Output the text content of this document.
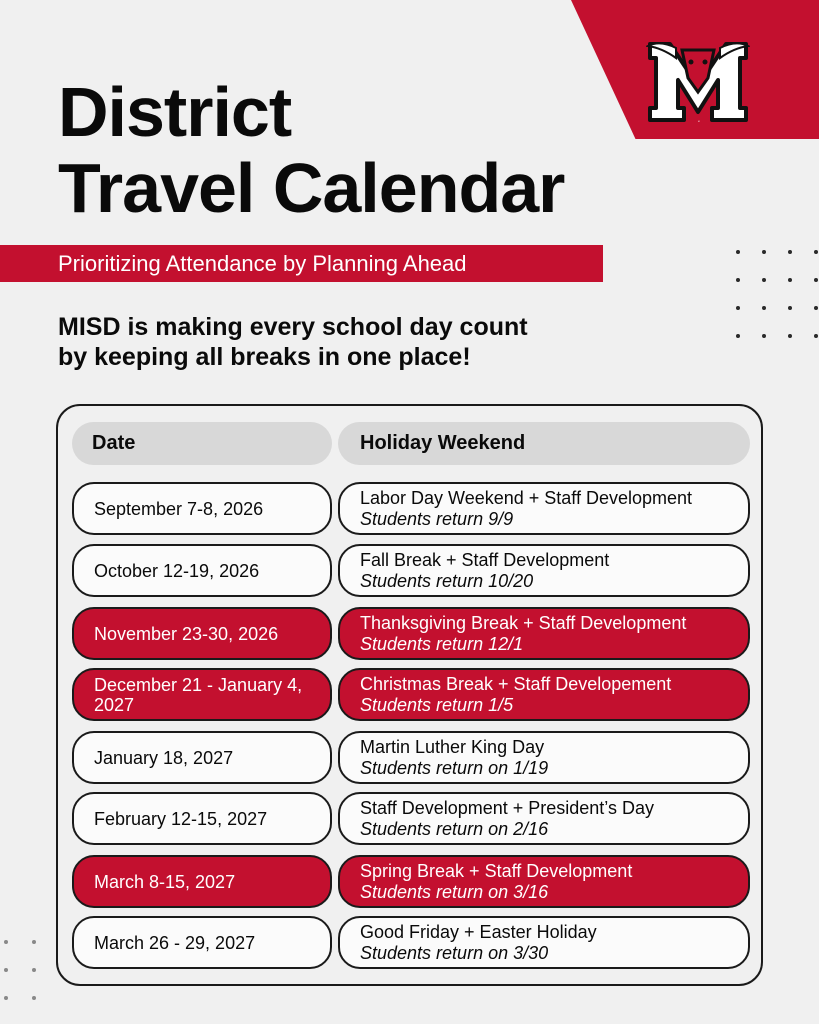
M
District
Travel Calendar
Prioritizing Attendance by Planning Ahead

MISD is making every school day count
by keeping all breaks in one place!

Date	Holiday Weekend
September 7-8, 2026
Labor Day Weekend + Staff Development
Students return 9/9
October 12-19, 2026
Fall Break + Staff Development
Students return 10/20
November 23-30, 2026
Thanksgiving Break + Staff Development
Students return 12/1
December 21 - January 4, 2027
Christmas Break + Staff Developement
Students return 1/5
January 18, 2027
Martin Luther King Day
Students return on 1/19
February 12-15, 2027
Staff Development + President’s Day
Students return on 2/16
March 8-15, 2027
Spring Break + Staff Development
Students return on 3/16
March 26 - 29, 2027
Good Friday + Easter Holiday
Students return on 3/30
